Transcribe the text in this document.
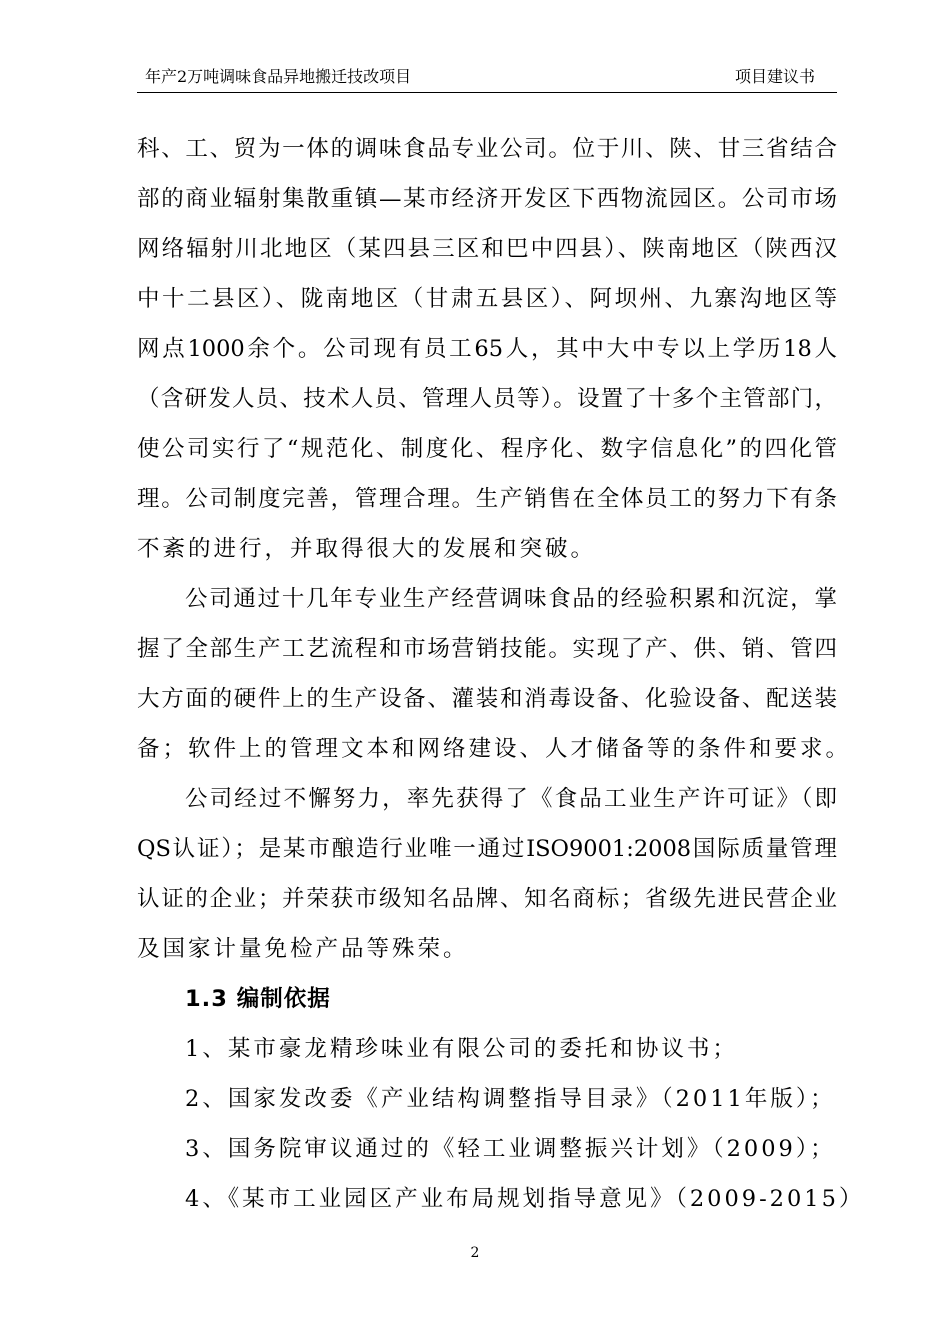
年产2万吨调味食品异地搬迁技改项目	项目建议书
科、工、贸为一体的调味食品专业公司。位于川、陕、甘三省结合
部的商业辐射集散重镇—某市经济开发区下西物流园区。公司市场
网络辐射川北地区（某四县三区和巴中四县）、陕南地区（陕西汉
中十二县区）、陇南地区（甘肃五县区）、阿坝州、九寨沟地区等
网点1000余个。公司现有员工65人，其中大中专以上学历18人
（含研发人员、技术人员、管理人员等）。设置了十多个主管部门，
使公司实行了“规范化、制度化、程序化、数字信息化”的四化管
理。公司制度完善，管理合理。生产销售在全体员工的努力下有条
不紊的进行，并取得很大的发展和突破。
公司通过十几年专业生产经营调味食品的经验积累和沉淀，掌
握了全部生产工艺流程和市场营销技能。实现了产、供、销、管四
大方面的硬件上的生产设备、灌装和消毒设备、化验设备、配送装
备；软件上的管理文本和网络建设、人才储备等的条件和要求。
公司经过不懈努力，率先获得了《食品工业生产许可证》（即
QS认证）；是某市酿造行业唯一通过ISO9001:2008国际质量管理
认证的企业；并荣获市级知名品牌、知名商标；省级先进民营企业
及国家计量免检产品等殊荣。
1.3 编制依据
1、某市豪龙精珍味业有限公司的委托和协议书；
2、国家发改委《产业结构调整指导目录》（2011年版）；
3、国务院审议通过的《轻工业调整振兴计划》（2009）；
4、《某市工业园区产业布局规划指导意见》（2009-2015）
2
